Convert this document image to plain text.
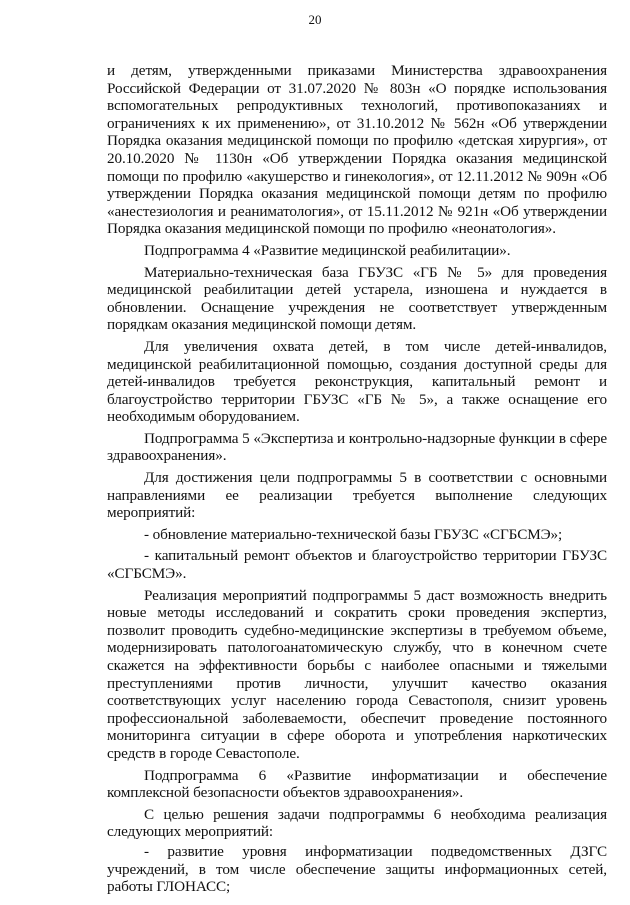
20

и детям, утвержденными приказами Министерства здравоохранения Российской Федерации от 31.07.2020 № 803н «О порядке использования вспомогательных репродуктивных технологий, противопоказаниях и ограничениях к их применению», от 31.10.2012 № 562н «Об утверждении Порядка оказания медицинской помощи по профилю «детская хирургия», от 20.10.2020 № 1130н «Об утверждении Порядка оказания медицинской помощи по профилю «акушерство и гинекология», от 12.11.2012 № 909н «Об утверждении Порядка оказания медицинской помощи детям по профилю «анестезиология и реаниматология», от 15.11.2012 № 921н «Об утверждении Порядка оказания медицинской помощи по профилю «неонатология».

Подпрограмма 4 «Развитие медицинской реабилитации».

Материально-техническая база ГБУЗС «ГБ № 5» для проведения медицинской реабилитации детей устарела, изношена и нуждается в обновлении. Оснащение учреждения не соответствует утвержденным порядкам оказания медицинской помощи детям.

Для увеличения охвата детей, в том числе детей-инвалидов, медицинской реабилитационной помощью, создания доступной среды для детей-инвалидов требуется реконструкция, капитальный ремонт и благоустройство территории ГБУЗС «ГБ № 5», а также оснащение его необходимым оборудованием.

Подпрограмма 5 «Экспертиза и контрольно-надзорные функции в сфере здравоохранения».

Для достижения цели подпрограммы 5 в соответствии с основными направлениями ее реализации требуется выполнение следующих мероприятий:

- обновление материально-технической базы ГБУЗС «СГБСМЭ»;

- капитальный ремонт объектов и благоустройство территории ГБУЗС «СГБСМЭ».

Реализация мероприятий подпрограммы 5 даст возможность внедрить новые методы исследований и сократить сроки проведения экспертиз, позволит проводить судебно-медицинские экспертизы в требуемом объеме, модернизировать патологоанатомическую службу, что в конечном счете скажется на эффективности борьбы с наиболее опасными и тяжелыми преступлениями против личности, улучшит качество оказания соответствующих услуг населению города Севастополя, снизит уровень профессиональной заболеваемости, обеспечит проведение постоянного мониторинга ситуации в сфере оборота и употребления наркотических средств в городе Севастополе.

Подпрограмма 6 «Развитие информатизации и обеспечение комплексной безопасности объектов здравоохранения».

С целью решения задачи подпрограммы 6 необходима реализация следующих мероприятий:

- развитие уровня информатизации подведомственных ДЗГС учреждений, в том числе обеспечение защиты информационных сетей, работы ГЛОНАСС;
